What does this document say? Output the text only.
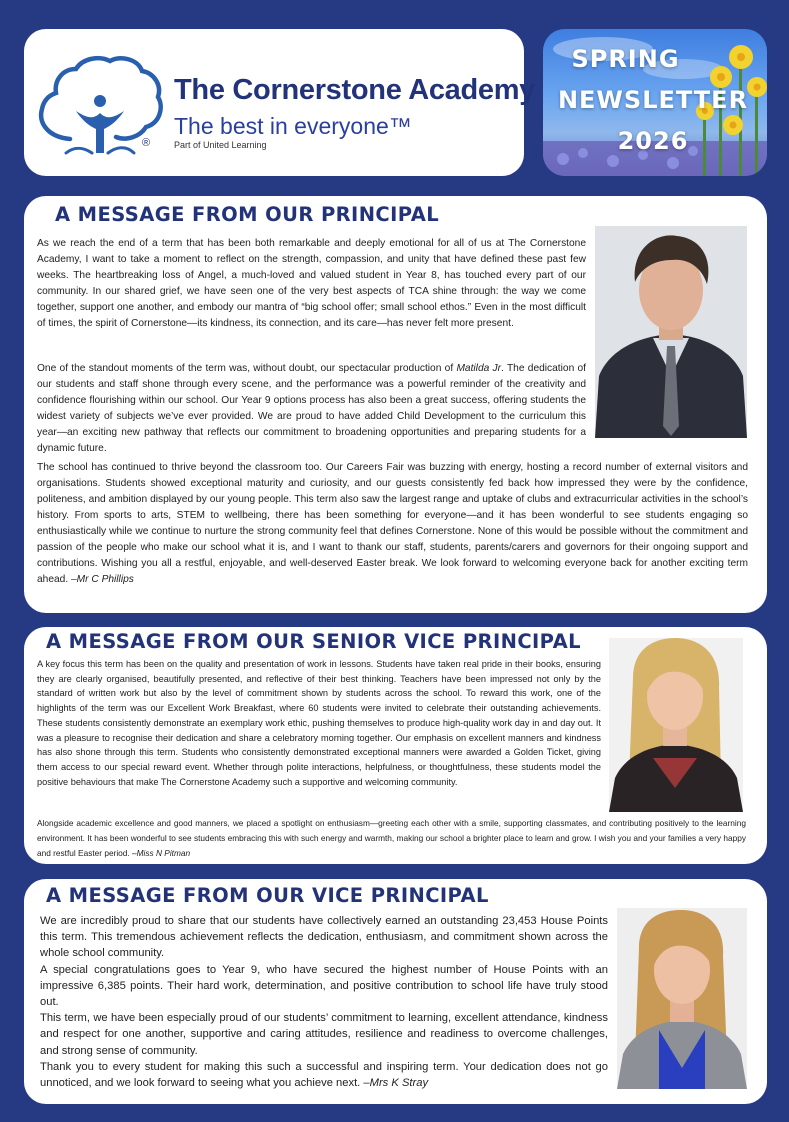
®
The Cornerstone Academy
The best in everyone™
Part of United Learning
SPRING
NEWSLETTER
2026
A MESSAGE FROM OUR PRINCIPAL

As we reach the end of a term that has been both remarkable and deeply emotional for all of us at The Cornerstone Academy, I want to take a moment to reflect on the strength, compassion, and unity that have defined these past few weeks. The heartbreaking loss of Angel, a much-loved and valued student in Year 8, has touched every part of our community. In our shared grief, we have seen one of the very best aspects of TCA shine through: the way we come together, support one another, and embody our mantra of “big school offer; small school ethos.” Even in the most difficult of times, the spirit of Cornerstone—its kindness, its connection, and its care—has never felt more present.

One of the standout moments of the term was, without doubt, our spectacular production of Matilda Jr. The dedication of our students and staff shone through every scene, and the performance was a powerful reminder of the creativity and confidence flourishing within our school. Our Year 9 options process has also been a great success, offering students the widest variety of subjects we’ve ever provided. We are proud to have added Child Development to the curriculum this year—an exciting new pathway that reflects our commitment to broadening opportunities and preparing students for a dynamic future.

The school has continued to thrive beyond the classroom too. Our Careers Fair was buzzing with energy, hosting a record number of external visitors and organisations. Students showed exceptional maturity and curiosity, and our guests consistently fed back how impressed they were by the confidence, politeness, and ambition displayed by our young people. This term also saw the largest range and uptake of clubs and extracurricular activities in the school’s history. From sports to arts, STEM to wellbeing, there has been something for everyone—and it has been wonderful to see students engaging so enthusiastically while we continue to nurture the strong community feel that defines Cornerstone. None of this would be possible without the commitment and passion of the people who make our school what it is, and I want to thank our staff, students, parents/carers and governors for their ongoing support and contributions. Wishing you all a restful, enjoyable, and well-deserved Easter break. We look forward to welcoming everyone back for another exciting term ahead. –Mr C Phillips

A MESSAGE FROM OUR SENIOR VICE PRINCIPAL

A key focus this term has been on the quality and presentation of work in lessons. Students have taken real pride in their books, ensuring they are clearly organised, beautifully presented, and reflective of their best thinking. Teachers have been impressed not only by the standard of written work but also by the level of commitment shown by students across the school. To reward this work, one of the highlights of the term was our Excellent Work Breakfast, where 60 students were invited to celebrate their outstanding achievements. These students consistently demonstrate an exemplary work ethic, pushing themselves to produce high-quality work day in and day out. It was a pleasure to recognise their dedication and share a celebratory morning together. Our emphasis on excellent manners and kindness has also shone through this term. Students who consistently demonstrated exceptional manners were awarded a Golden Ticket, giving them access to our special reward event. Whether through polite interactions, helpfulness, or thoughtfulness, these students model the positive behaviours that make The Cornerstone Academy such a supportive and welcoming community.

Alongside academic excellence and good manners, we placed a spotlight on enthusiasm—greeting each other with a smile, supporting classmates, and contributing positively to the learning environment. It has been wonderful to see students embracing this with such energy and warmth, making our school a brighter place to learn and grow. I wish you and your families a very happy and restful Easter period. –Miss N Pitman

A MESSAGE FROM OUR VICE PRINCIPAL

We are incredibly proud to share that our students have collectively earned an outstanding 23,453 House Points this term. This tremendous achievement reflects the dedication, enthusiasm, and commitment shown across the whole school community.

A special congratulations goes to Year 9, who have secured the highest number of House Points with an impressive 6,385 points. Their hard work, determination, and positive contribution to school life have truly stood out.

This term, we have been especially proud of our students’ commitment to learning, excellent attendance, kindness and respect for one another, supportive and caring attitudes, resilience and readiness to overcome challenges, and strong sense of community.

Thank you to every student for making this such a successful and inspiring term. Your dedication does not go unnoticed, and we look forward to seeing what you achieve next. –Mrs K Stray
